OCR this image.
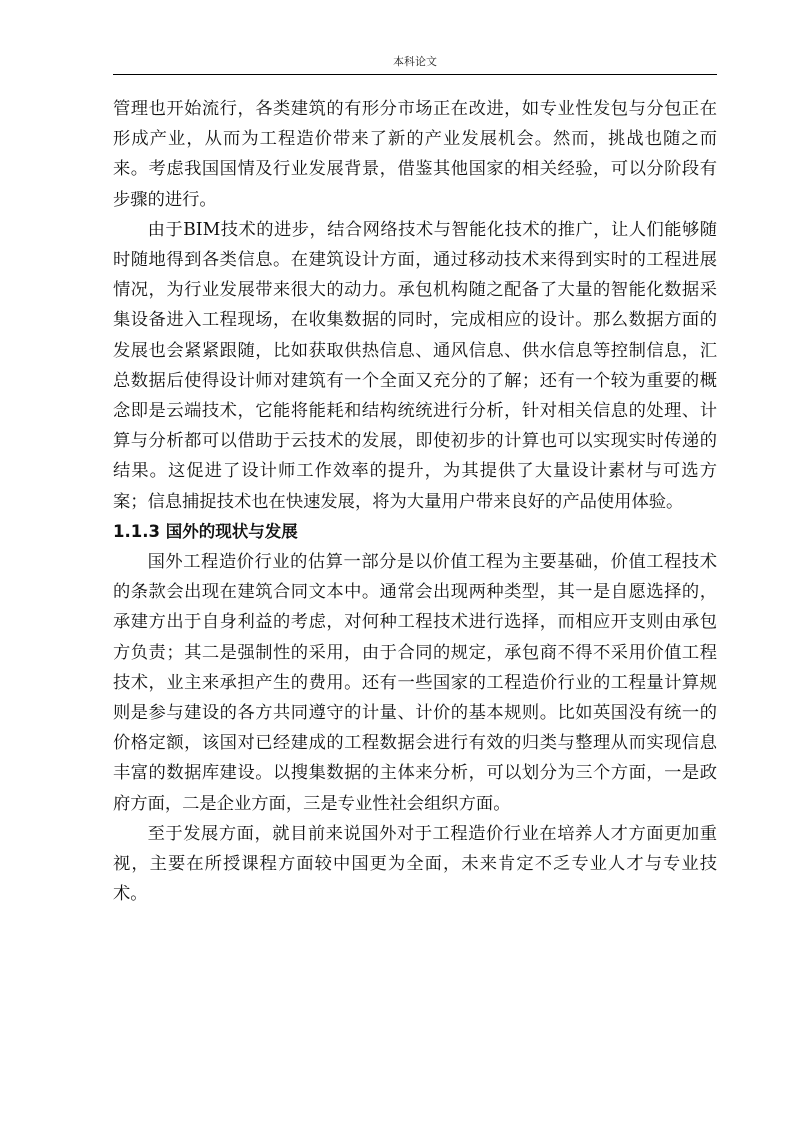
本科论文

管理也开始流行，各类建筑的有形分市场正在改进，如专业性发包与分包正在形成产业，从而为工程造价带来了新的产业发展机会。然而，挑战也随之而来。考虑我国国情及行业发展背景，借鉴其他国家的相关经验，可以分阶段有步骤的进行。

由于BIM技术的进步，结合网络技术与智能化技术的推广，让人们能够随时随地得到各类信息。在建筑设计方面，通过移动技术来得到实时的工程进展情况，为行业发展带来很大的动力。承包机构随之配备了大量的智能化数据采集设备进入工程现场，在收集数据的同时，完成相应的设计。那么数据方面的发展也会紧紧跟随，比如获取供热信息、通风信息、供水信息等控制信息，汇总数据后使得设计师对建筑有一个全面又充分的了解；还有一个较为重要的概念即是云端技术，它能将能耗和结构统统进行分析，针对相关信息的处理、计算与分析都可以借助于云技术的发展，即使初步的计算也可以实现实时传递的结果。这促进了设计师工作效率的提升，为其提供了大量设计素材与可选方案；信息捕捉技术也在快速发展，将为大量用户带来良好的产品使用体验。

1.1.3 国外的现状与发展

国外工程造价行业的估算一部分是以价值工程为主要基础，价值工程技术的条款会出现在建筑合同文本中。通常会出现两种类型，其一是自愿选择的，承建方出于自身利益的考虑，对何种工程技术进行选择，而相应开支则由承包方负责；其二是强制性的采用，由于合同的规定，承包商不得不采用价值工程技术，业主来承担产生的费用。还有一些国家的工程造价行业的工程量计算规则是参与建设的各方共同遵守的计量、计价的基本规则。比如英国没有统一的价格定额，该国对已经建成的工程数据会进行有效的归类与整理从而实现信息丰富的数据库建设。以搜集数据的主体来分析，可以划分为三个方面，一是政府方面，二是企业方面，三是专业性社会组织方面。

至于发展方面，就目前来说国外对于工程造价行业在培养人才方面更加重视，主要在所授课程方面较中国更为全面，未来肯定不乏专业人才与专业技术。
